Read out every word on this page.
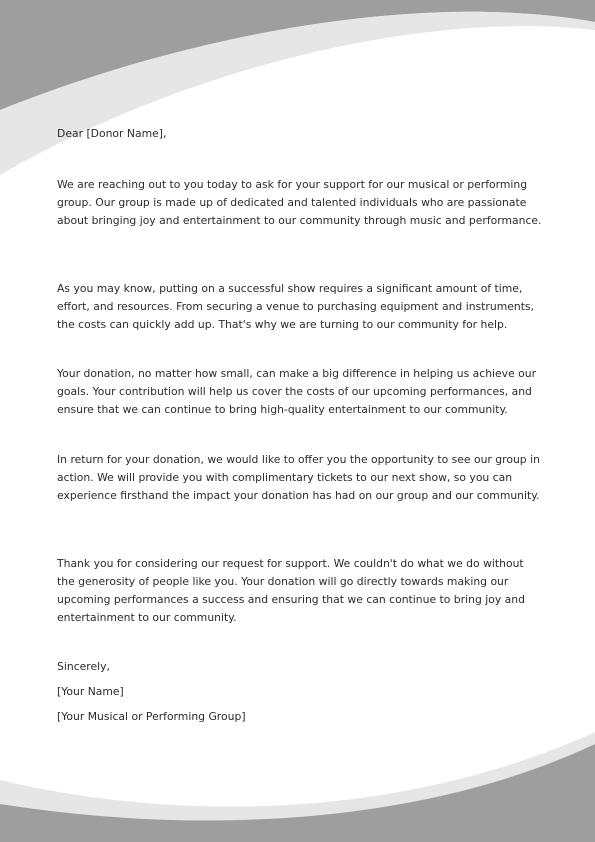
Dear [Donor Name],

We are reaching out to you today to ask for your support for our musical or performing group. Our group is made up of dedicated and talented individuals who are passionate about bringing joy and entertainment to our community through music and performance.

As you may know, putting on a successful show requires a significant amount of time, effort, and resources. From securing a venue to purchasing equipment and instruments, the costs can quickly add up. That's why we are turning to our community for help.

Your donation, no matter how small, can make a big difference in helping us achieve our goals. Your contribution will help us cover the costs of our upcoming performances, and ensure that we can continue to bring high-quality entertainment to our community.

In return for your donation, we would like to offer you the opportunity to see our group in action. We will provide you with complimentary tickets to our next show, so you can experience firsthand the impact your donation has had on our group and our community.

Thank you for considering our request for support. We couldn't do what we do without the generosity of people like you. Your donation will go directly towards making our upcoming performances a success and ensuring that we can continue to bring joy and entertainment to our community.

Sincerely,

[Your Name]

[Your Musical or Performing Group]
